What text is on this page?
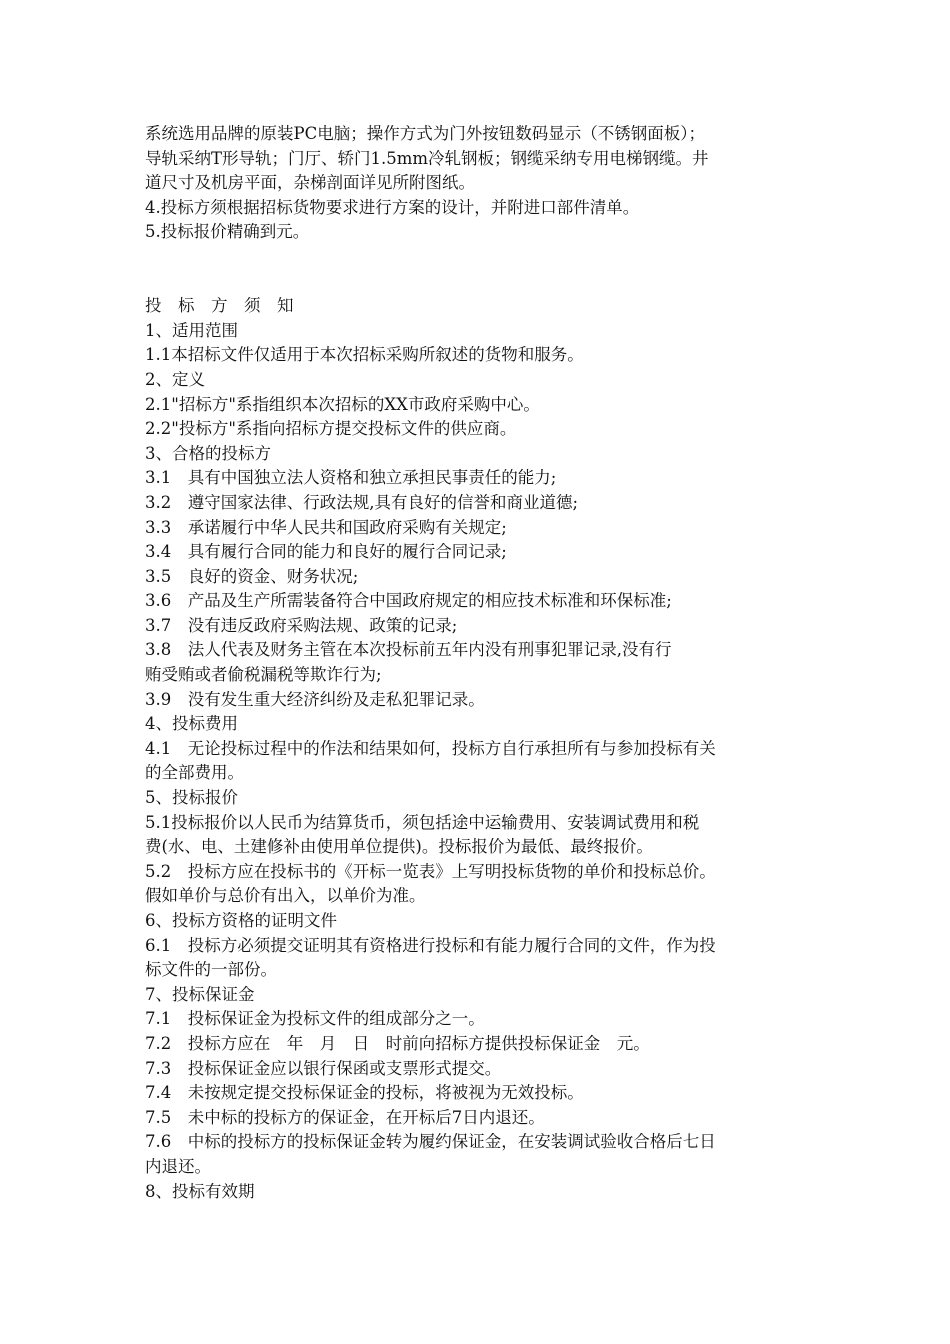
系统选用品牌的原装PC电脑；操作方式为门外按钮数码显示（不锈钢面板）；
导轨采纳T形导轨；门厅、轿门1.5mm冷轧钢板；钢缆采纳专用电梯钢缆。井
道尺寸及机房平面，杂梯剖面详见所附图纸。
4.投标方须根据招标货物要求进行方案的设计，并附进口部件清单。
5.投标报价精确到元。
投　标　方　须　知
1、适用范围
1.1本招标文件仅适用于本次招标采购所叙述的货物和服务。
2、定义
2.1"招标方"系指组织本次招标的XX市政府采购中心。
2.2"投标方"系指向招标方提交投标文件的供应商。
3、合格的投标方
3.1　具有中国独立法人资格和独立承担民事责任的能力;
3.2　遵守国家法律、行政法规,具有良好的信誉和商业道德;
3.3　承诺履行中华人民共和国政府采购有关规定;
3.4　具有履行合同的能力和良好的履行合同记录;
3.5　良好的资金、财务状况;
3.6　产品及生产所需装备符合中国政府规定的相应技术标准和环保标准;
3.7　没有违反政府采购法规、政策的记录;
3.8　法人代表及财务主管在本次投标前五年内没有刑事犯罪记录,没有行
贿受贿或者偷税漏税等欺诈行为;
3.9　没有发生重大经济纠纷及走私犯罪记录。
4、投标费用
4.1　无论投标过程中的作法和结果如何，投标方自行承担所有与参加投标有关
的全部费用。
5、投标报价
5.1投标报价以人民币为结算货币，须包括途中运输费用、安装调试费用和税
费(水、电、土建修补由使用单位提供)。投标报价为最低、最终报价。
5.2　投标方应在投标书的《开标一览表》上写明投标货物的单价和投标总价。
假如单价与总价有出入，以单价为准。
6、投标方资格的证明文件
6.1　投标方必须提交证明其有资格进行投标和有能力履行合同的文件，作为投
标文件的一部份。
7、投标保证金
7.1　投标保证金为投标文件的组成部分之一。
7.2　投标方应在　年　月　日　时前向招标方提供投标保证金　元。
7.3　投标保证金应以银行保函或支票形式提交。
7.4　未按规定提交投标保证金的投标，将被视为无效投标。
7.5　未中标的投标方的保证金，在开标后7日内退还。
7.6　中标的投标方的投标保证金转为履约保证金，在安装调试验收合格后七日
内退还。
8、投标有效期
